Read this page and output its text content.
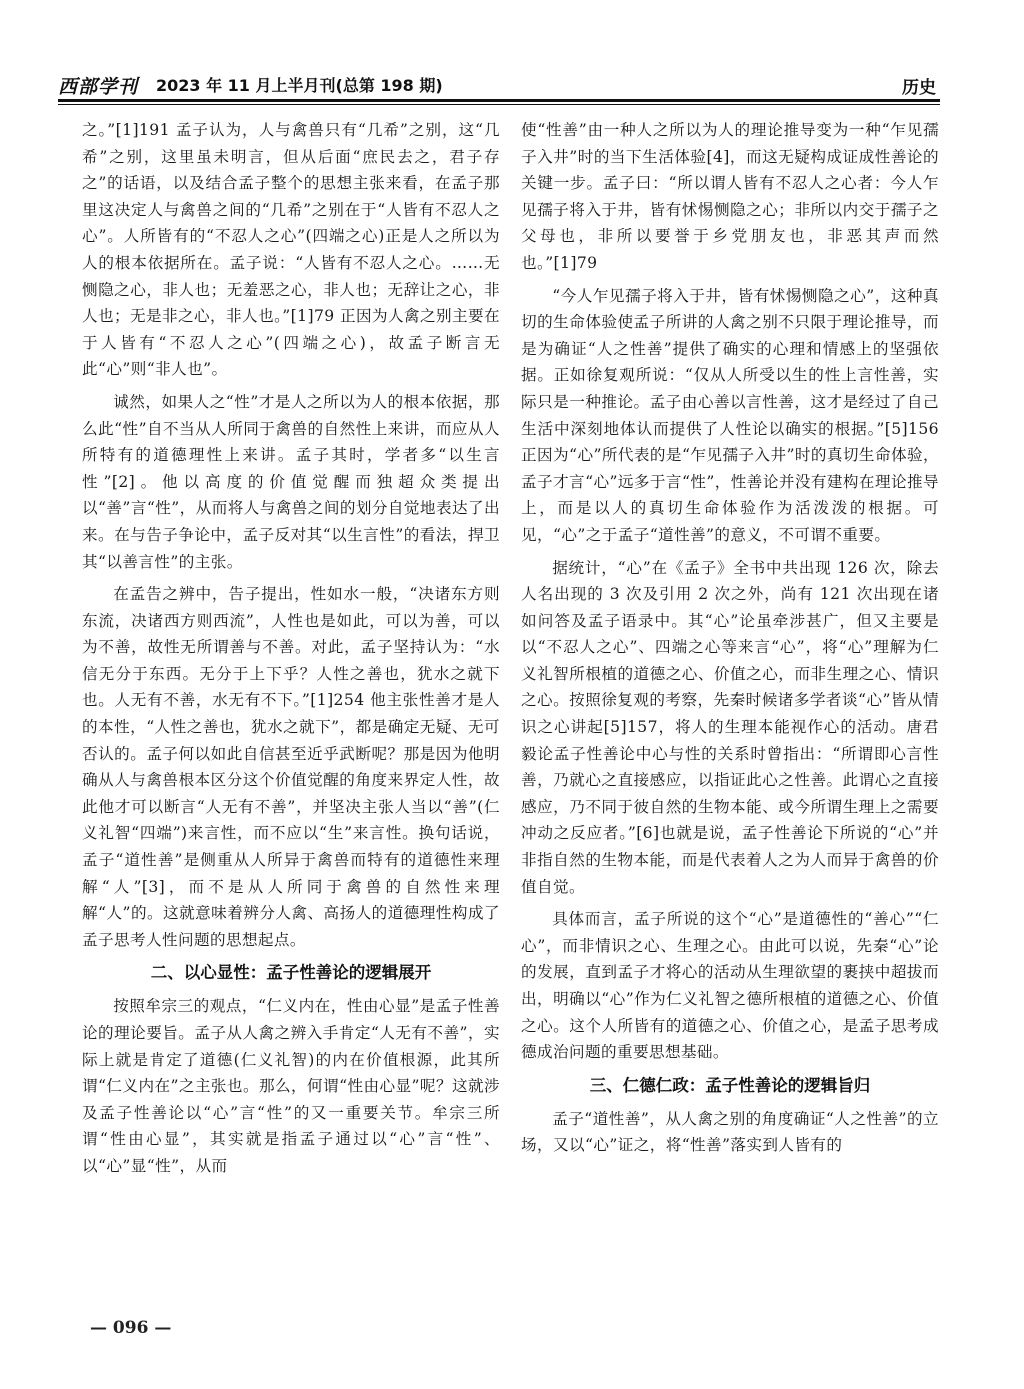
西部学刊 2023 年 11 月上半月刊(总第 198 期)	历史

之。”[1]191 孟子认为，人与禽兽只有“几希”之别，这“几希”之别，这里虽未明言，但从后面“庶民去之，君子存之”的话语，以及结合孟子整个的思想主张来看，在孟子那里这决定人与禽兽之间的“几希”之别在于“人皆有不忍人之心”。人所皆有的“不忍人之心”(四端之心)正是人之所以为人的根本依据所在。孟子说：“人皆有不忍人之心。……无恻隐之心，非人也；无羞恶之心，非人也；无辞让之心，非人也；无是非之心，非人也。”[1]79 正因为人禽之别主要在于人皆有“不忍人之心”(四端之心)，故孟子断言无此“心”则“非人也”。

诚然，如果人之“性”才是人之所以为人的根本依据，那么此“性”自不当从人所同于禽兽的自然性上来讲，而应从人所特有的道德理性上来讲。孟子其时，学者多“以生言性”[2]。他以高度的价值觉醒而独超众类提出以“善”言“性”，从而将人与禽兽之间的划分自觉地表达了出来。在与告子争论中，孟子反对其“以生言性”的看法，捍卫其“以善言性”的主张。

在孟告之辨中，告子提出，性如水一般，“决诸东方则东流，决诸西方则西流”，人性也是如此，可以为善，可以为不善，故性无所谓善与不善。对此，孟子坚持认为：“水信无分于东西。无分于上下乎？人性之善也，犹水之就下也。人无有不善，水无有不下。”[1]254 他主张性善才是人的本性，“人性之善也，犹水之就下”，都是确定无疑、无可否认的。孟子何以如此自信甚至近乎武断呢？那是因为他明确从人与禽兽根本区分这个价值觉醒的角度来界定人性，故此他才可以断言“人无有不善”，并坚决主张人当以“善”(仁义礼智“四端”)来言性，而不应以“生”来言性。换句话说，孟子“道性善”是侧重从人所异于禽兽而特有的道德性来理解“人”[3]，而不是从人所同于禽兽的自然性来理解“人”的。这就意味着辨分人禽、高扬人的道德理性构成了孟子思考人性问题的思想起点。

二、以心显性：孟子性善论的逻辑展开

按照牟宗三的观点，“仁义内在，性由心显”是孟子性善论的理论要旨。孟子从人禽之辨入手肯定“人无有不善”，实际上就是肯定了道德(仁义礼智)的内在价值根源，此其所谓“仁义内在”之主张也。那么，何谓“性由心显”呢？这就涉及孟子性善论以“心”言“性”的又一重要关节。牟宗三所谓“性由心显”，其实就是指孟子通过以“心”言“性”、以“心”显“性”，从而

使“性善”由一种人之所以为人的理论推导变为一种“乍见孺子入井”时的当下生活体验[4]，而这无疑构成证成性善论的关键一步。孟子曰：“所以谓人皆有不忍人之心者：今人乍见孺子将入于井，皆有怵惕恻隐之心；非所以内交于孺子之父母也，非所以要誉于乡党朋友也，非恶其声而然也。”[1]79

“今人乍见孺子将入于井，皆有怵惕恻隐之心”，这种真切的生命体验使孟子所讲的人禽之别不只限于理论推导，而是为确证“人之性善”提供了确实的心理和情感上的坚强依据。正如徐复观所说：“仅从人所受以生的性上言性善，实际只是一种推论。孟子由心善以言性善，这才是经过了自己生活中深刻地体认而提供了人性论以确实的根据。”[5]156 正因为“心”所代表的是“乍见孺子入井”时的真切生命体验，孟子才言“心”远多于言“性”，性善论并没有建构在理论推导上，而是以人的真切生命体验作为活泼泼的根据。可见，“心”之于孟子“道性善”的意义，不可谓不重要。

据统计，“心”在《孟子》全书中共出现 126 次，除去人名出现的 3 次及引用 2 次之外，尚有 121 次出现在诸如问答及孟子语录中。其“心”论虽牵涉甚广，但又主要是以“不忍人之心”、四端之心等来言“心”，将“心”理解为仁义礼智所根植的道德之心、价值之心，而非生理之心、情识之心。按照徐复观的考察，先秦时候诸多学者谈“心”皆从情识之心讲起[5]157，将人的生理本能视作心的活动。唐君毅论孟子性善论中心与性的关系时曾指出：“所谓即心言性善，乃就心之直接感应，以指证此心之性善。此谓心之直接感应，乃不同于彼自然的生物本能、或今所谓生理上之需要冲动之反应者。”[6]也就是说，孟子性善论下所说的“心”并非指自然的生物本能，而是代表着人之为人而异于禽兽的价值自觉。

具体而言，孟子所说的这个“心”是道德性的“善心”“仁心”，而非情识之心、生理之心。由此可以说，先秦“心”论的发展，直到孟子才将心的活动从生理欲望的裹挟中超拔而出，明确以“心”作为仁义礼智之德所根植的道德之心、价值之心。这个人所皆有的道德之心、价值之心，是孟子思考成德成治问题的重要思想基础。

三、仁德仁政：孟子性善论的逻辑旨归

孟子“道性善”，从人禽之别的角度确证“人之性善”的立场，又以“心”证之，将“性善”落实到人皆有的

— 096 —
